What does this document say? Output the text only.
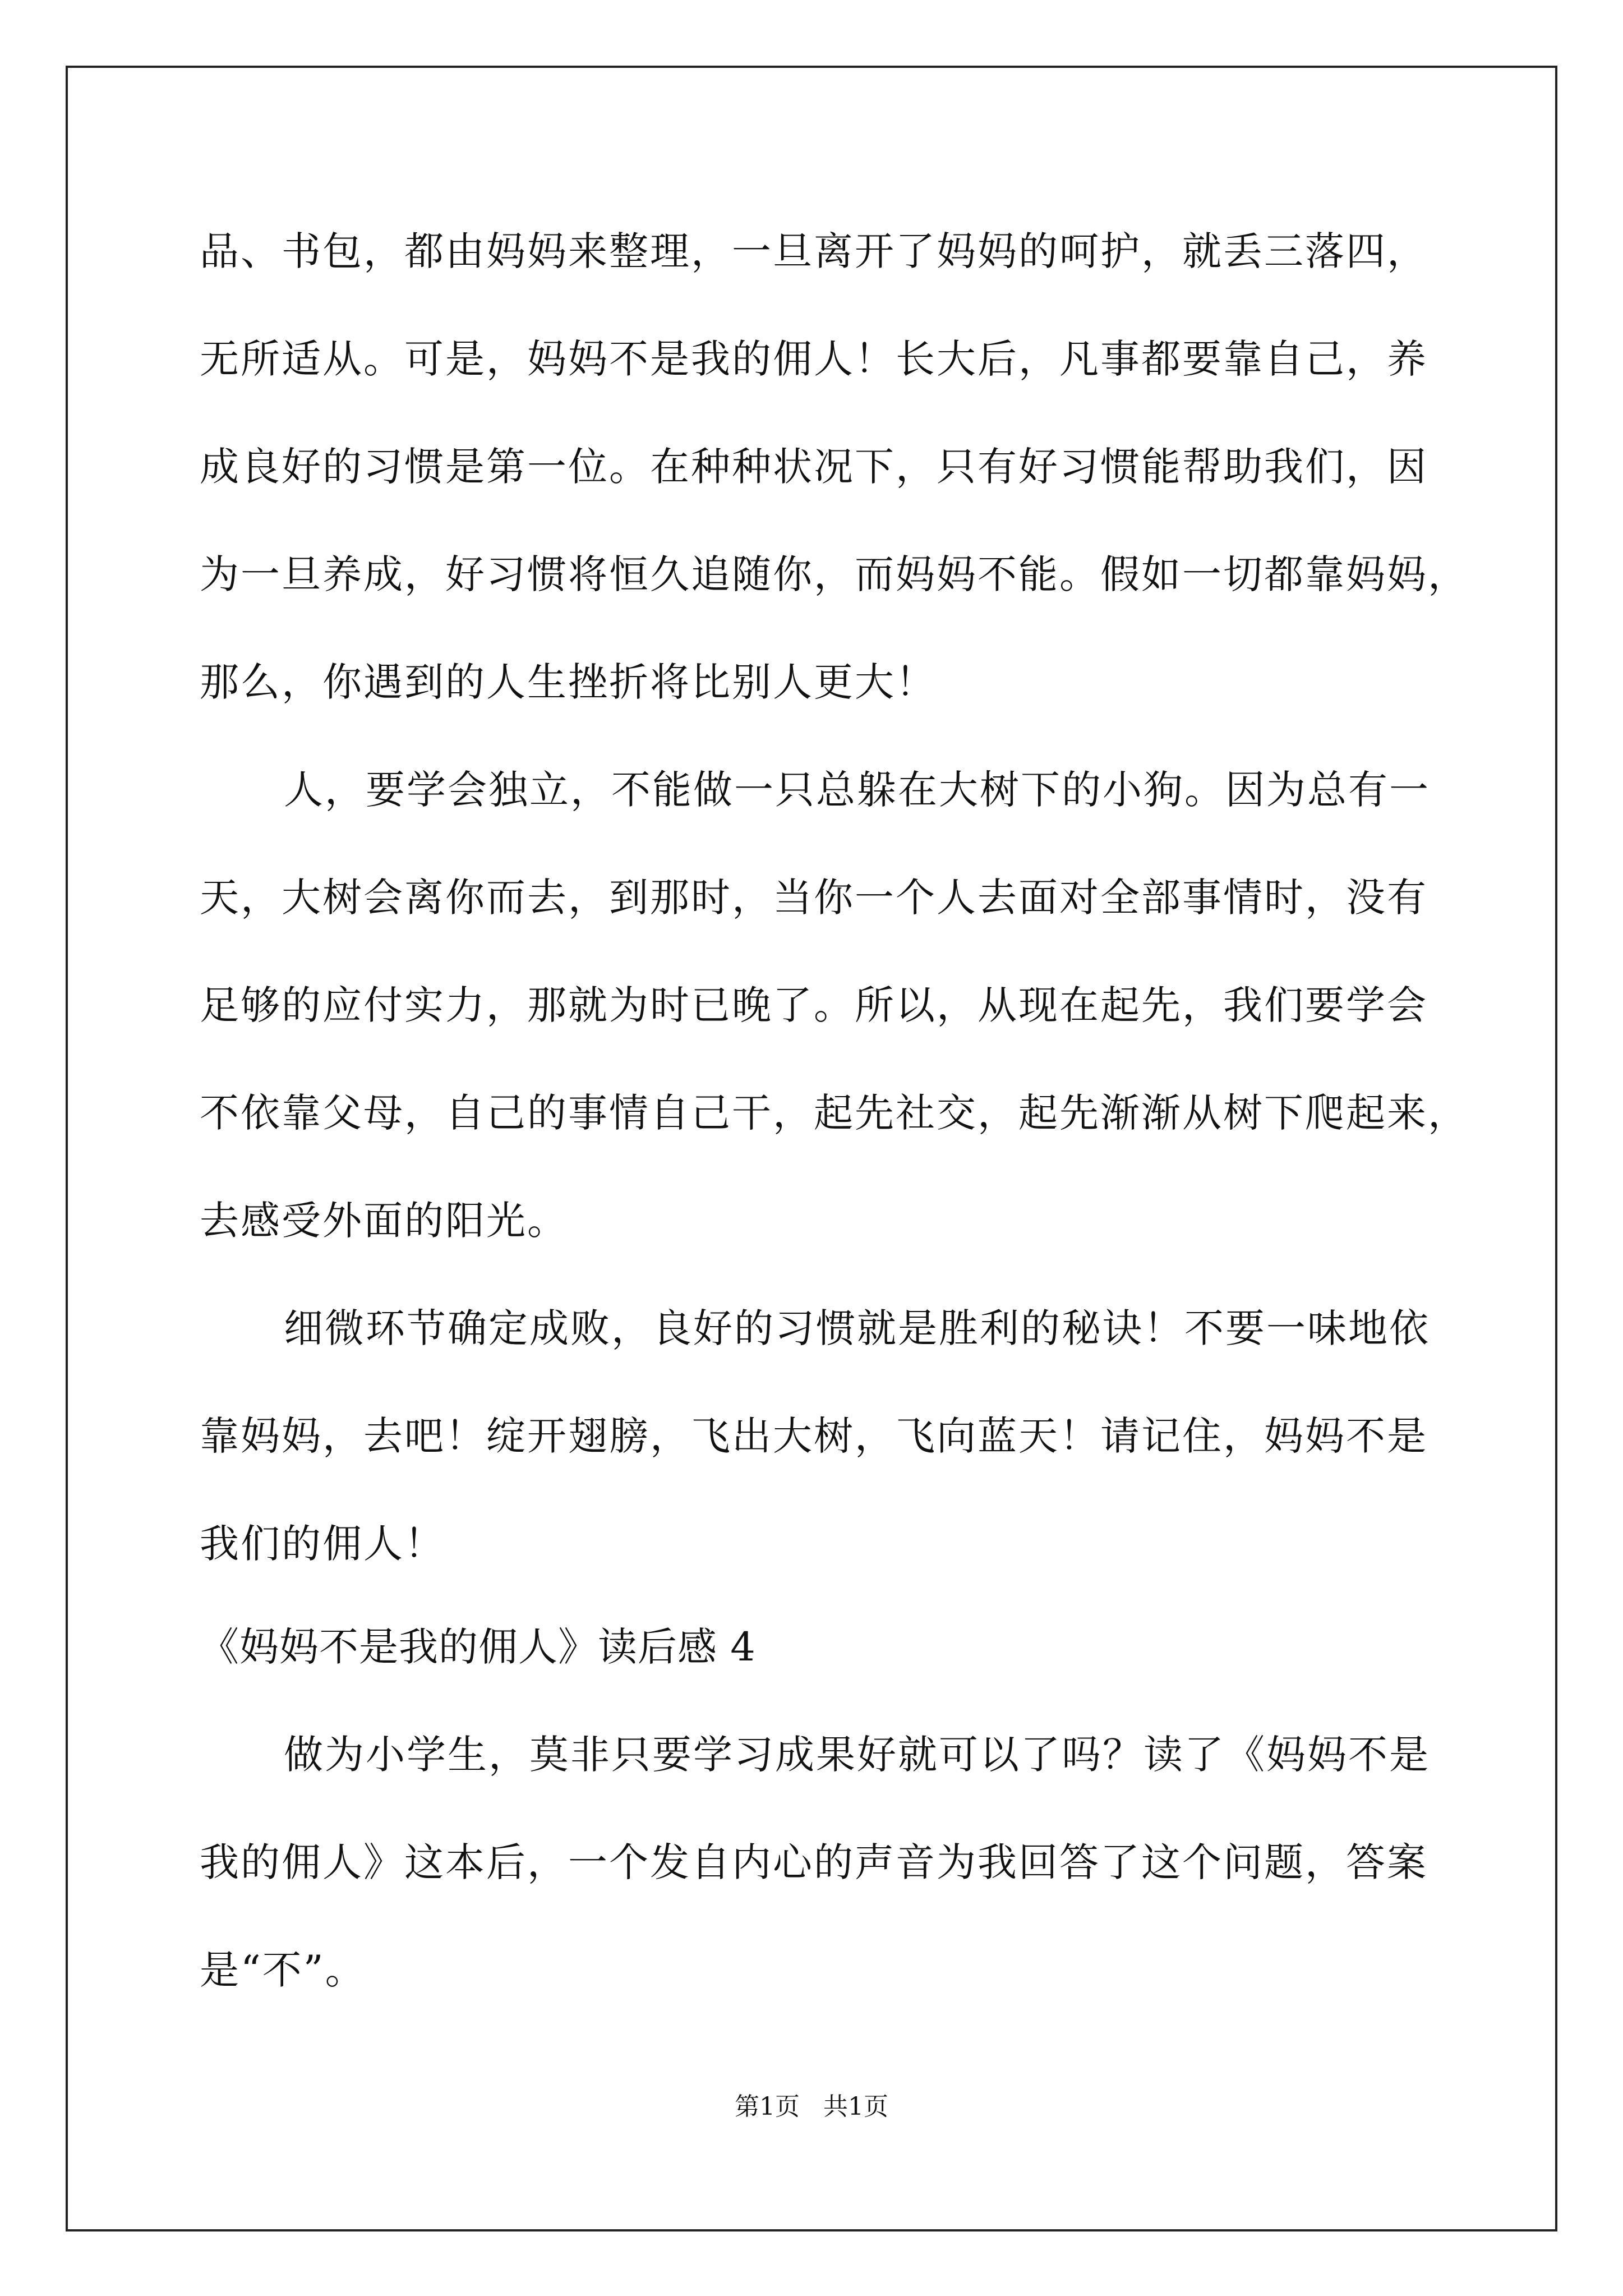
品、书包，都由妈妈来整理，一旦离开了妈妈的呵护，就丢三落四，
无所适从。可是，妈妈不是我的佣人！长大后，凡事都要靠自己，养
成良好的习惯是第一位。在种种状况下，只有好习惯能帮助我们，因
为一旦养成，好习惯将恒久追随你，而妈妈不能。假如一切都靠妈妈，
那么，你遇到的人生挫折将比别人更大！
人，要学会独立，不能做一只总躲在大树下的小狗。因为总有一
天，大树会离你而去，到那时，当你一个人去面对全部事情时，没有
足够的应付实力，那就为时已晚了。所以，从现在起先，我们要学会
不依靠父母，自己的事情自己干，起先社交，起先渐渐从树下爬起来，
去感受外面的阳光。
细微环节确定成败，良好的习惯就是胜利的秘诀！不要一味地依
靠妈妈，去吧！绽开翅膀，飞出大树，飞向蓝天！请记住，妈妈不是
我们的佣人！
《妈妈不是我的佣人》读后感 4
做为小学生，莫非只要学习成果好就可以了吗？读了《妈妈不是
我的佣人》这本后，一个发自内心的声音为我回答了这个问题，答案
是“不”。
第1页   共1页
